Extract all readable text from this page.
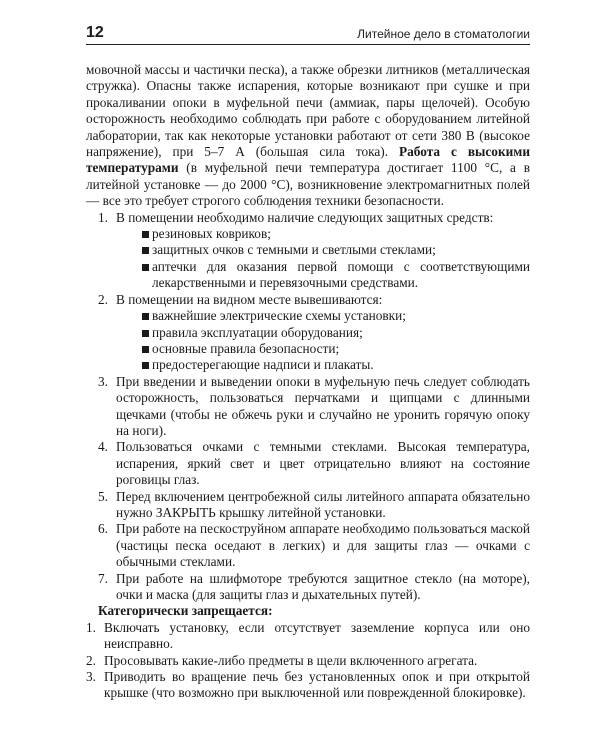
12	Литейное дело в стоматологии

мовочной массы и частички песка), а также обрезки литников (металлическая стружка). Опасны также испарения, которые возникают при сушке и при прокаливании опоки в муфельной печи (аммиак, пары щелочей). Особую осторожность необходимо соблюдать при работе с оборудованием литейной лаборатории, так как некоторые установки работают от сети 380 В (высокое напряжение), при 5–7 А (большая сила тока). Работа с высокими температурами (в муфельной печи температура достигает 1100 °С, а в литейной установке — до 2000 °С), возникновение электромагнитных полей — все это требует строгого соблюдения техники безопасности.

1. В помещении необходимо наличие следующих защитных средств:
резиновых ковриков;
защитных очков с темными и светлыми стеклами;
аптечки для оказания первой помощи с соответствующими лекарственными и перевязочными средствами.
2. В помещении на видном месте вывешиваются:
важнейшие электрические схемы установки;
правила эксплуатации оборудования;
основные правила безопасности;
предостерегающие надписи и плакаты.
3. При введении и выведении опоки в муфельную печь следует соблюдать осторожность, пользоваться перчатками и щипцами с длинными щечками (чтобы не обжечь руки и случайно не уронить горячую опоку на ноги).
4. Пользоваться очками с темными стеклами. Высокая температура, испарения, яркий свет и цвет отрицательно влияют на состояние роговицы глаз.
5. Перед включением центробежной силы литейного аппарата обязательно нужно ЗАКРЫТЬ крышку литейной установки.
6. При работе на пескоструйном аппарате необходимо пользоваться маской (частицы песка оседают в легких) и для защиты глаз — очками с обычными стеклами.
7. При работе на шлифмоторе требуются защитное стекло (на моторе), очки и маска (для защиты глаз и дыхательных путей).

Категорически запрещается:

1. Включать установку, если отсутствует заземление корпуса или оно неисправно.
2. Просовывать какие-либо предметы в щели включенного агрегата.
3. Приводить во вращение печь без установленных опок и при открытой крышке (что возможно при выключенной или поврежденной блокировке).
